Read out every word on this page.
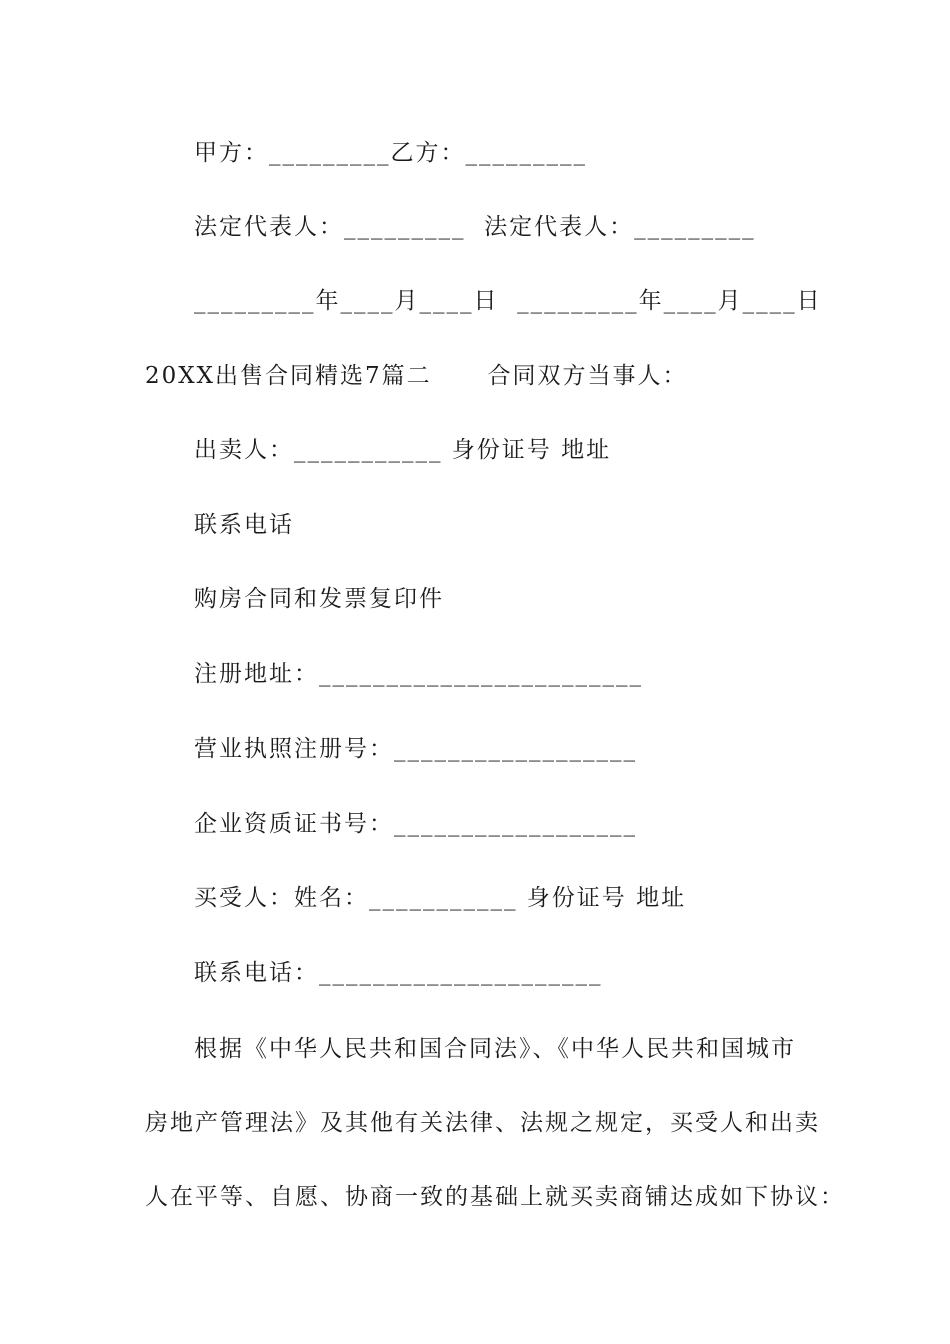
甲方：_________乙方：_________
法定代表人：_________  法定代表人：_________
_________年____月____日  _________年____月____日
20XX出售合同精选7篇二      合同双方当事人：
出卖人：___________ 身份证号 地址
联系电话
购房合同和发票复印件
注册地址：________________________
营业执照注册号：__________________
企业资质证书号：__________________
买受人：姓名：___________ 身份证号 地址
联系电话：_____________________
根据《中华人民共和国合同法》、《中华人民共和国城市
房地产管理法》及其他有关法律、法规之规定，买受人和出卖
人在平等、自愿、协商一致的基础上就买卖商铺达成如下协议：
